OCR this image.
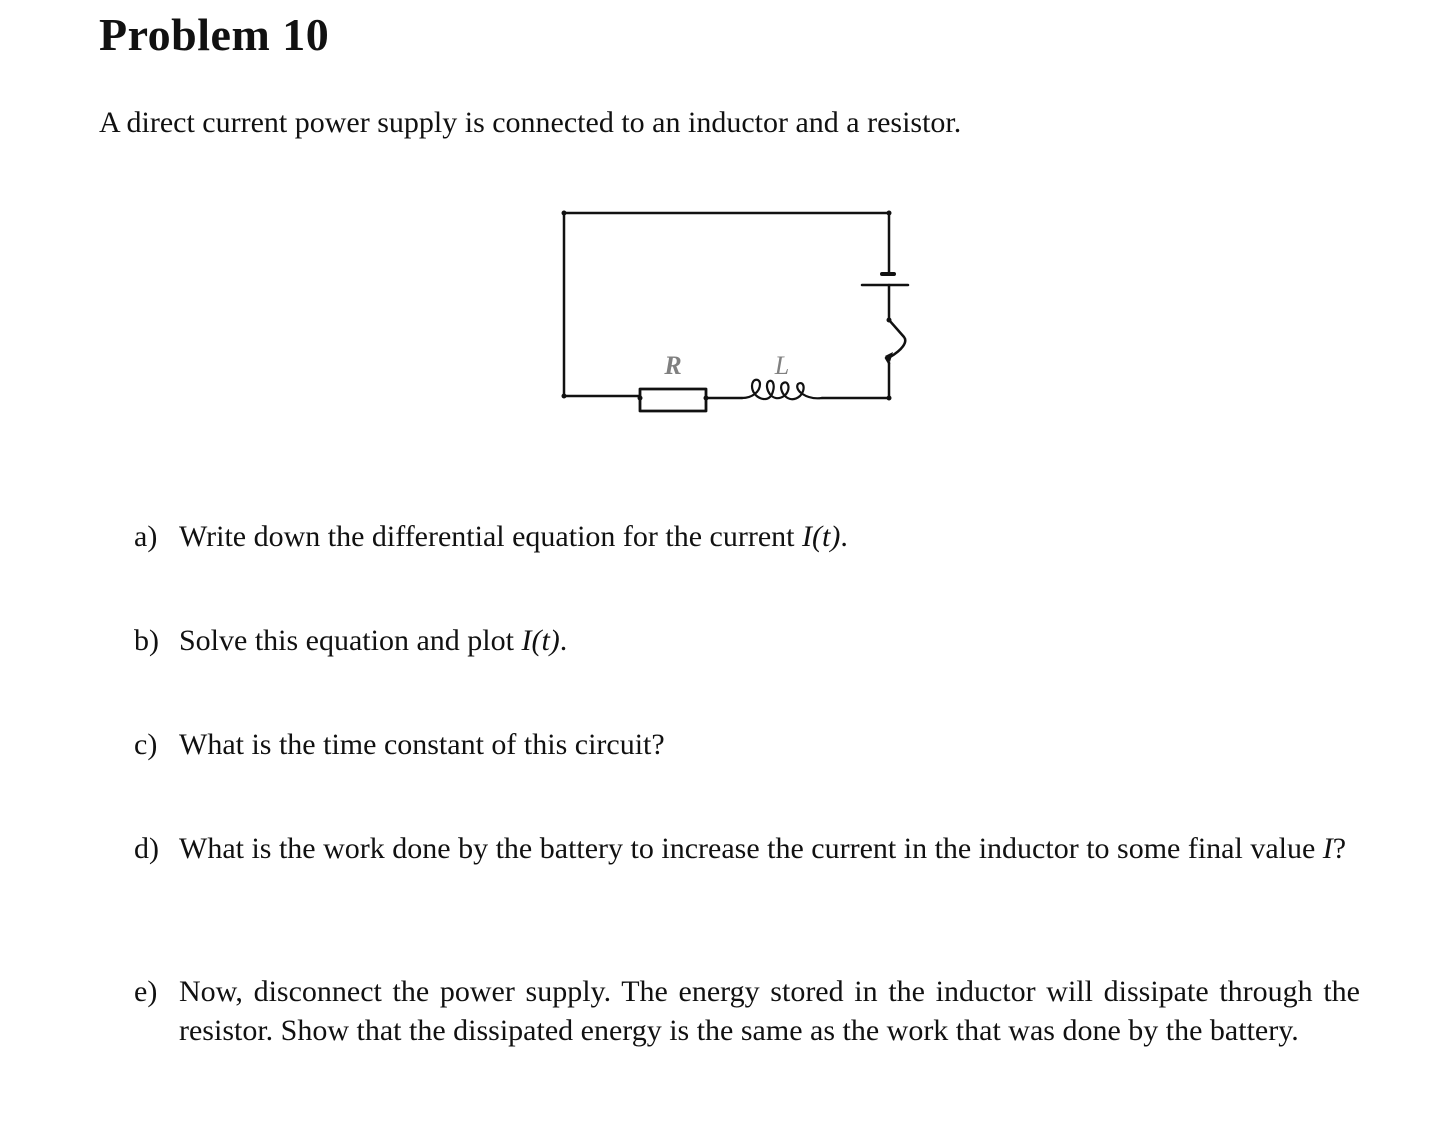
Problem 10

A direct current power supply is connected to an inductor and a resistor.

R	L
a) Write down the differential equation for the current I(t).
b) Solve this equation and plot I(t).
c) What is the time constant of this circuit?
d) What is the work done by the battery to increase the current in the inductor to some final value I?
e) Now, disconnect the power supply. The energy stored in the inductor will dissipate through the resistor. Show that the dissipated energy is the same as the work that was done by the battery.
